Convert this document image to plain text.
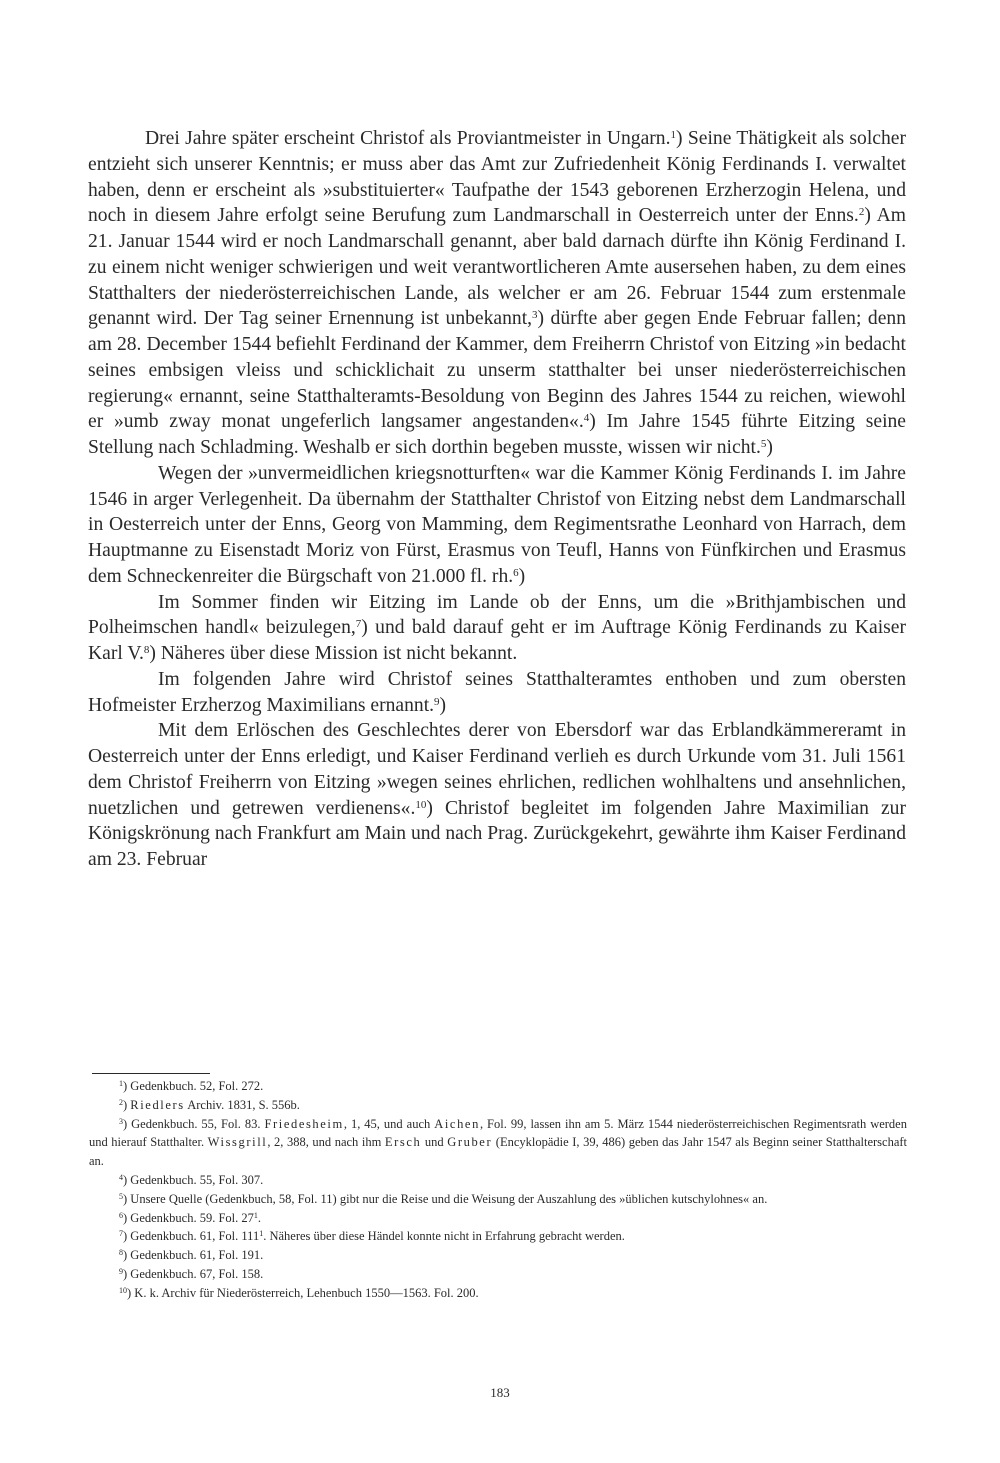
Drei Jahre später erscheint Christof als Proviantmeister in Ungarn.$^1$) Seine Thätigkeit als solcher entzieht sich unserer Kenntnis; er muss aber das Amt zur Zufriedenheit König Ferdinands I. verwaltet haben, denn er erscheint als »substituierter« Taufpathe der 1543 geborenen Erzherzogin Helena, und noch in diesem Jahre erfolgt seine Berufung zum Landmarschall in Oesterreich unter der Enns.$^2$) Am 21. Januar 1544 wird er noch Landmarschall genannt, aber bald darnach dürfte ihn König Ferdinand I. zu einem nicht weniger schwierigen und weit verantwortlicheren Amte ausersehen haben, zu dem eines Statthalters der niederösterreichischen Lande, als welcher er am 26. Februar 1544 zum erstenmale genannt wird. Der Tag seiner Ernennung ist unbekannt,$^3$) dürfte aber gegen Ende Februar fallen; denn am 28. December 1544 befiehlt Ferdinand der Kammer, dem Freiherrn Christof von Eitzing »in bedacht seines embsigen vleiss und schicklichait zu unserm statthalter bei unser niederösterreichischen regierung« ernannt, seine Statthalteramts-Besoldung von Beginn des Jahres 1544 zu reichen, wiewohl er »umb zway monat ungeferlich langsamer angestanden«.$^4$) Im Jahre 1545 führte Eitzing seine Stellung nach Schladming. Weshalb er sich dorthin begeben musste, wissen wir nicht.$^5$)

Wegen der »unvermeidlichen kriegsnotturften« war die Kammer König Ferdinands I. im Jahre 1546 in arger Verlegenheit. Da übernahm der Statthalter Christof von Eitzing nebst dem Landmarschall in Oesterreich unter der Enns, Georg von Mamming, dem Regimentsrathe Leonhard von Harrach, dem Hauptmanne zu Eisenstadt Moriz von Fürst, Erasmus von Teufl, Hanns von Fünfkirchen und Erasmus dem Schneckenreiter die Bürgschaft von 21.000 fl. rh.$^6$)

Im Sommer finden wir Eitzing im Lande ob der Enns, um die »Brithjambischen und Polheimschen handl« beizulegen,$^7$) und bald darauf geht er im Auftrage König Ferdinands zu Kaiser Karl V.$^8$) Näheres über diese Mission ist nicht bekannt.

Im folgenden Jahre wird Christof seines Statthalteramtes enthoben und zum obersten Hofmeister Erzherzog Maximilians ernannt.$^9$)

Mit dem Erlöschen des Geschlechtes derer von Ebersdorf war das Erblandkämmereramt in Oesterreich unter der Enns erledigt, und Kaiser Ferdinand verlieh es durch Urkunde vom 31. Juli 1561 dem Christof Freiherrn von Eitzing »wegen seines ehrlichen, redlichen wohlhaltens und ansehnlichen, nuetzlichen und getrewen verdienens«.$^{10}$) Christof begleitet im folgenden Jahre Maximilian zur Königskrönung nach Frankfurt am Main und nach Prag. Zurückgekehrt, gewährte ihm Kaiser Ferdinand am 23. Februar

$^1$) Gedenkbuch. 52, Fol. 272.

$^2$) Riedlers Archiv. 1831, S. 556b.

$^3$) Gedenkbuch. 55, Fol. 83. Friedesheim, 1, 45, und auch Aichen, Fol. 99, lassen ihn am 5. März 1544 niederösterreichischen Regimentsrath werden und hierauf Statthalter. Wissgrill, 2, 388, und nach ihm Ersch und Gruber (Encyklopädie I, 39, 486) geben das Jahr 1547 als Beginn seiner Statthalterschaft an.

$^4$) Gedenkbuch. 55, Fol. 307.

$^5$) Unsere Quelle (Gedenkbuch, 58, Fol. 11) gibt nur die Reise und die Weisung der Auszahlung des »üblichen kutschylohnes« an.

$^6$) Gedenkbuch. 59. Fol. $27^1$.

$^7$) Gedenkbuch. 61, Fol. $111^1$. Näheres über diese Händel konnte nicht in Erfahrung gebracht werden.

$^8$) Gedenkbuch. 61, Fol. 191.

$^9$) Gedenkbuch. 67, Fol. 158.

$^{10}$) K. k. Archiv für Niederösterreich, Lehenbuch 1550—1563. Fol. 200.

183
